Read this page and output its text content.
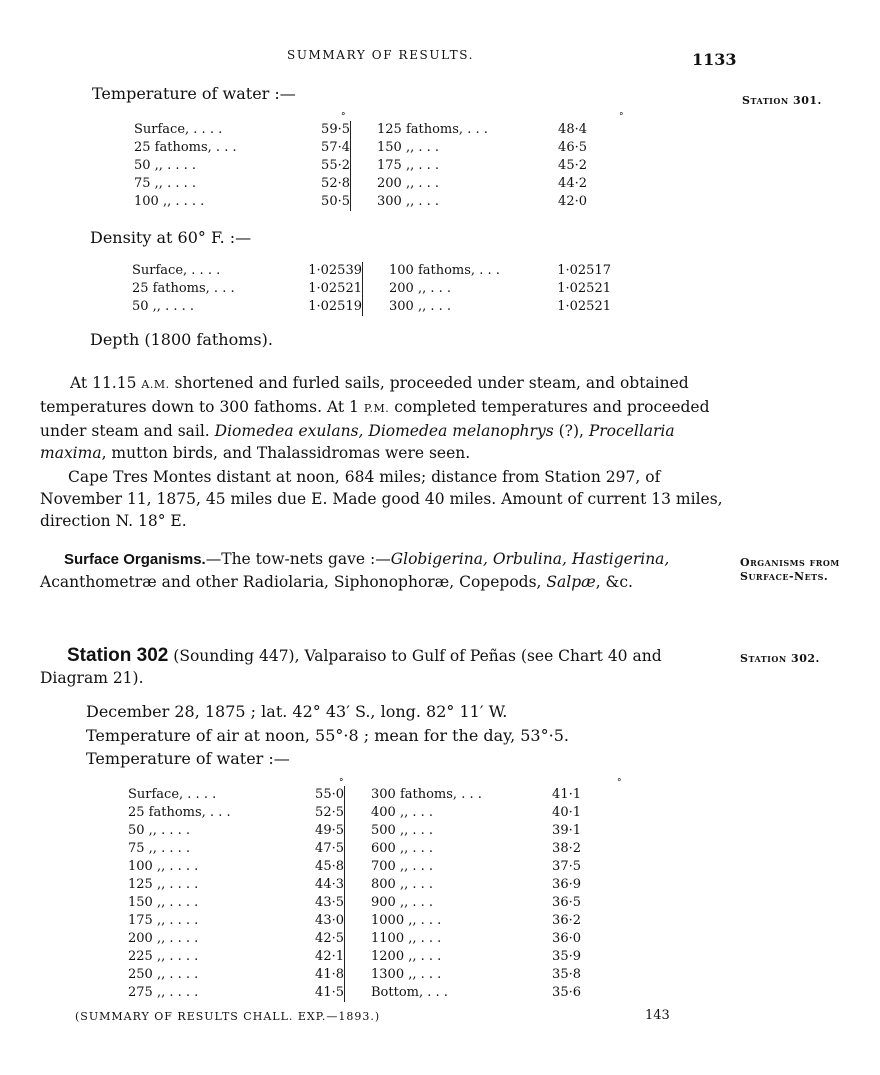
SUMMARY OF RESULTS.	1133
Temperature of water :—	Station 301.
°	°
Surface, . . . .	59·5	125 fathoms, . . .	48·4
25 fathoms, . . .	57·4	150 ,, . . .	46·5
50 ,, . . . .	55·2	175 ,, . . .	45·2
75 ,, . . . .	52·8	200 ,, . . .	44·2
100 ,, . . . .	50·5	300 ,, . . .	42·0
Density at 60° F. :—
Surface, . . . .	1·02539	100 fathoms, . . .	1·02517
25 fathoms, . . .	1·02521	200 ,, . . .	1·02521
50 ,, . . . .	1·02519	300 ,, . . .	1·02521
Depth (1800 fathoms).
At 11.15 A.M. shortened and furled sails, proceeded under steam, and obtained
temperatures down to 300 fathoms. At 1 P.M. completed temperatures and proceeded
under steam and sail. Diomedea exulans, Diomedea melanophrys (?), Procellaria
maxima, mutton birds, and Thalassidromas were seen.
Cape Tres Montes distant at noon, 684 miles; distance from Station 297, of
November 11, 1875, 45 miles due E. Made good 40 miles. Amount of current 13 miles,
direction N. 18° E.
Surface Organisms.—The tow-nets gave :—Globigerina, Orbulina, Hastigerina,
Acanthometræ and other Radiolaria, Siphonophoræ, Copepods, Salpæ, &c.
Organisms from
Surface-Nets.
Station 302 (Sounding 447), Valparaiso to Gulf of Peñas (see Chart 40 and
Diagram 21).
Station 302.
December 28, 1875 ; lat. 42° 43′ S., long. 82° 11′ W.
Temperature of air at noon, 55°·8 ; mean for the day, 53°·5.
Temperature of water :—
°	°
Surface, . . . .	55·0	300 fathoms, . . .	41·1
25 fathoms, . . .	52·5	400 ,, . . .	40·1
50 ,, . . . .	49·5	500 ,, . . .	39·1
75 ,, . . . .	47·5	600 ,, . . .	38·2
100 ,, . . . .	45·8	700 ,, . . .	37·5
125 ,, . . . .	44·3	800 ,, . . .	36·9
150 ,, . . . .	43·5	900 ,, . . .	36·5
175 ,, . . . .	43·0	1000 ,, . . .	36·2
200 ,, . . . .	42·5	1100 ,, . . .	36·0
225 ,, . . . .	42·1	1200 ,, . . .	35·9
250 ,, . . . .	41·8	1300 ,, . . .	35·8
275 ,, . . . .	41·5	Bottom, . . .	35·6
(SUMMARY OF RESULTS CHALL. EXP.—1893.)	143
